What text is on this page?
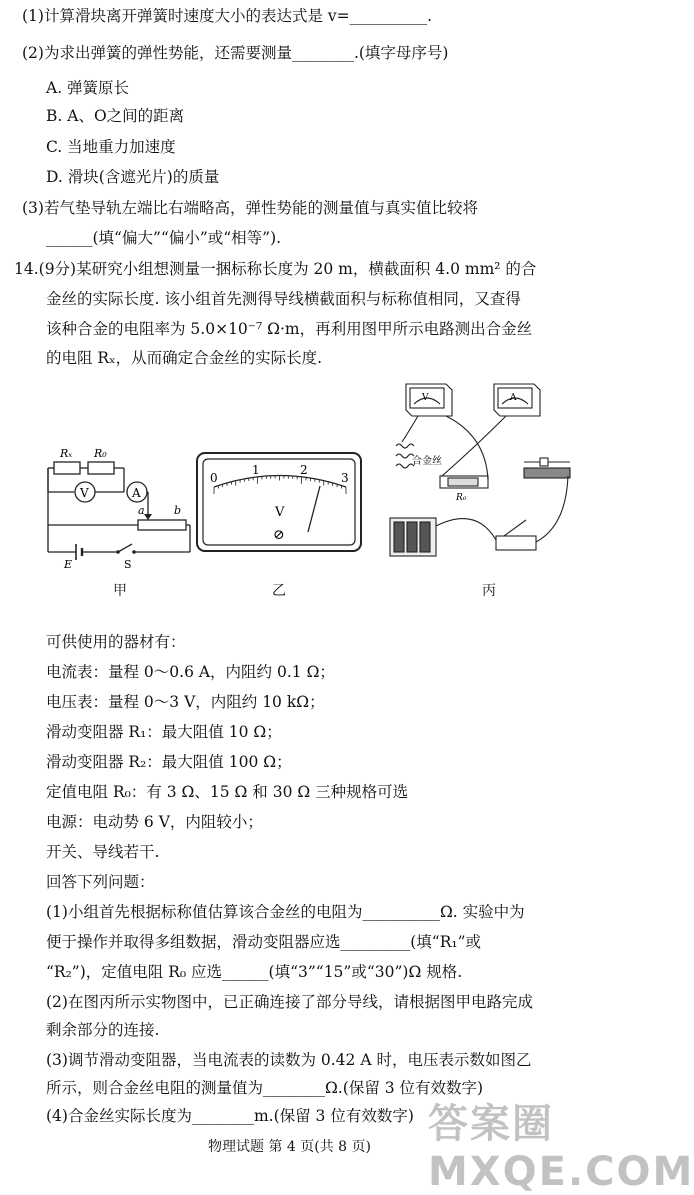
(1)计算滑块离开弹簧时速度大小的表达式是 v=__________.
(2)为求出弹簧的弹性势能，还需要测量________.(填字母序号)
A. 弹簧原长
B. A、O之间的距离
C. 当地重力加速度
D. 滑块(含遮光片)的质量
(3)若气垫导轨左端比右端略高，弹性势能的测量值与真实值比较将
______(填“偏大”“偏小”或“相等”).
14.(9分)某研究小组想测量一捆标称长度为 20 m，横截面积 4.0 mm² 的合
金丝的实际长度. 该小组首先测得导线横截面积与标称值相同，又查得
该种合金的电阻率为 5.0×10⁻⁷ Ω·m，再利用图甲所示电路测出合金丝
的电阻 Rₓ，从而确定合金丝的实际长度.
Rₓ R₀
V	A
a	b
E	S
甲
0
1	2
3
V
⊘
乙
V	A
合金丝
R₀
丙
可供使用的器材有：
电流表：量程 0～0.6 A，内阻约 0.1 Ω；
电压表：量程 0～3 V，内阻约 10 kΩ；
滑动变阻器 R₁：最大阻值 10 Ω；
滑动变阻器 R₂：最大阻值 100 Ω；
定值电阻 R₀：有 3 Ω、15 Ω 和 30 Ω 三种规格可选
电源：电动势 6 V，内阻较小；
开关、导线若干.
回答下列问题：
(1)小组首先根据标称值估算该合金丝的电阻为__________Ω. 实验中为
便于操作并取得多组数据，滑动变阻器应选_________(填“R₁”或
“R₂”)，定值电阻 R₀ 应选______(填“3”“15”或“30”)Ω 规格.
(2)在图丙所示实物图中，已正确连接了部分导线，请根据图甲电路完成
剩余部分的连接.
(3)调节滑动变阻器，当电流表的读数为 0.42 A 时，电压表示数如图乙
所示，则合金丝电阻的测量值为________Ω.(保留 3 位有效数字)
(4)合金丝实际长度为________m.(保留 3 位有效数字)
物理试题 第 4 页(共 8 页) 答案圈 MXQE.COM
